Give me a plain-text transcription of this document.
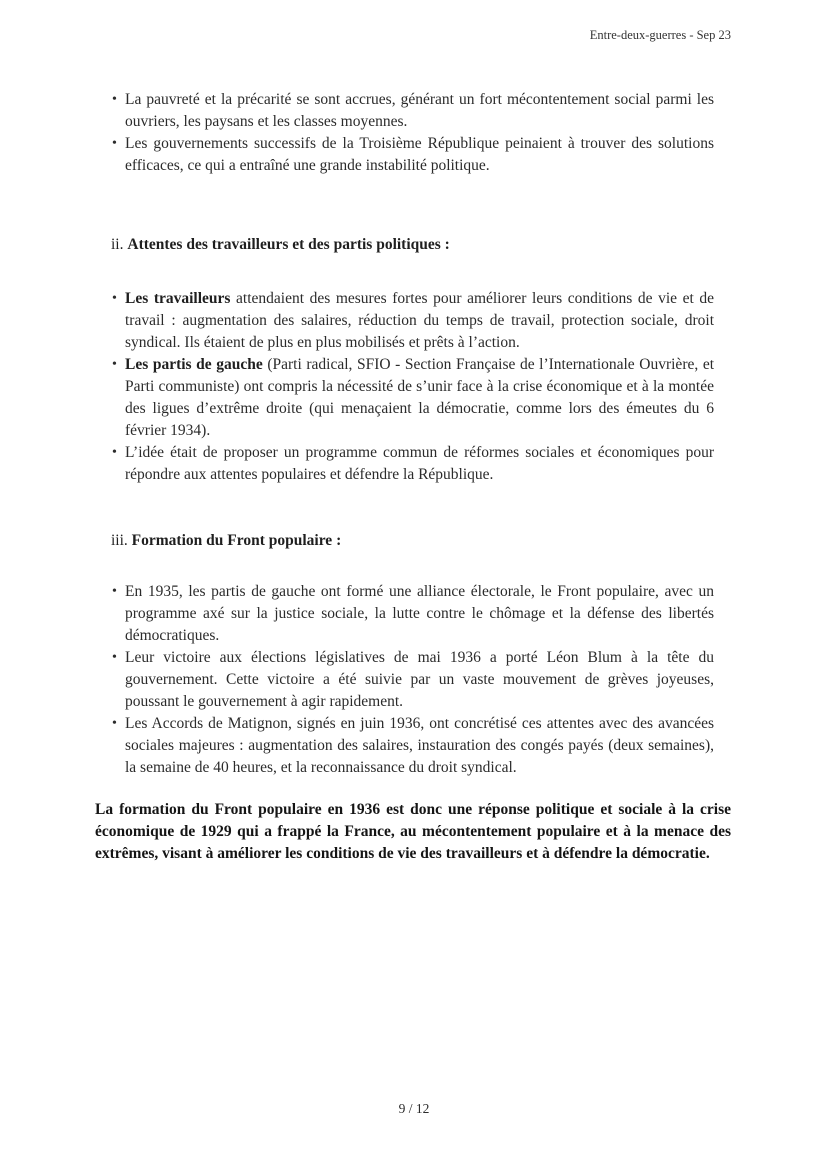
Entre-deux-guerres - Sep 23
• La pauvreté et la précarité se sont accrues, générant un fort mécontentement social parmi les ouvriers, les paysans et les classes moyennes.
• Les gouvernements successifs de la Troisième République peinaient à trouver des solutions efficaces, ce qui a entraîné une grande instabilité politique.
ii. Attentes des travailleurs et des partis politiques :
• Les travailleurs attendaient des mesures fortes pour améliorer leurs conditions de vie et de travail : augmentation des salaires, réduction du temps de travail, protection sociale, droit syndical. Ils étaient de plus en plus mobilisés et prêts à l’action.
• Les partis de gauche (Parti radical, SFIO - Section Française de l’Internationale Ouvrière, et Parti communiste) ont compris la nécessité de s’unir face à la crise économique et à la montée des ligues d’extrême droite (qui menaçaient la démocratie, comme lors des émeutes du 6 février 1934).
• L’idée était de proposer un programme commun de réformes sociales et économiques pour répondre aux attentes populaires et défendre la République.
iii. Formation du Front populaire :
• En 1935, les partis de gauche ont formé une alliance électorale, le Front populaire, avec un programme axé sur la justice sociale, la lutte contre le chômage et la défense des libertés démocratiques.
• Leur victoire aux élections législatives de mai 1936 a porté Léon Blum à la tête du gouvernement. Cette victoire a été suivie par un vaste mouvement de grèves joyeuses, poussant le gouvernement à agir rapidement.
• Les Accords de Matignon, signés en juin 1936, ont concrétisé ces attentes avec des avancées sociales majeures : augmentation des salaires, instauration des congés payés (deux semaines), la semaine de 40 heures, et la reconnaissance du droit syndical.

La formation du Front populaire en 1936 est donc une réponse politique et sociale à la crise économique de 1929 qui a frappé la France, au mécontentement populaire et à la menace des extrêmes, visant à améliorer les conditions de vie des travailleurs et à défendre la démocratie.

9 / 12
